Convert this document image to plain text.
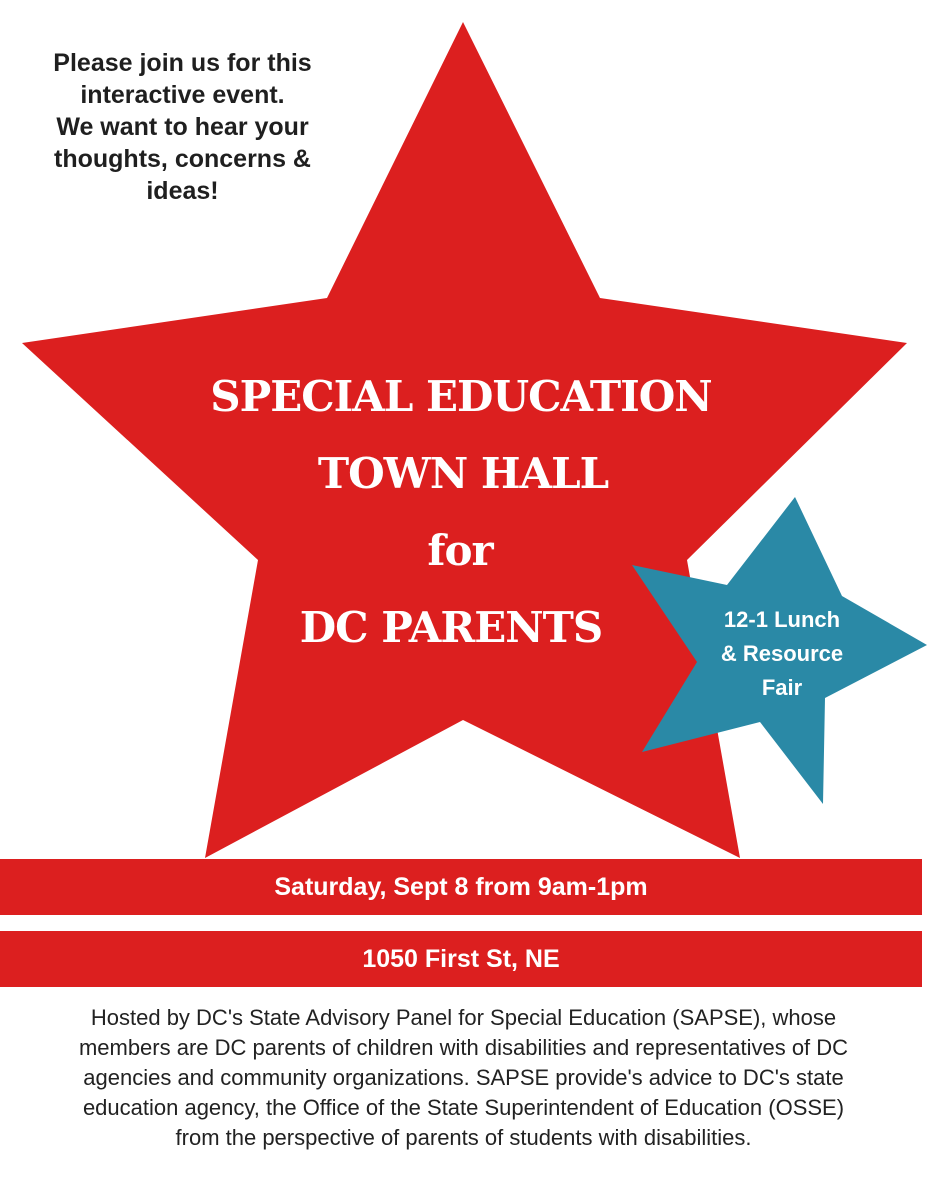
Please join us for this
interactive event.
We want to hear your
thoughts, concerns &
ideas!
SPECIAL EDUCATION
TOWN HALL
for
DC PARENTS	12-1 Lunch
& Resource
Fair
Saturday, Sept 8 from 9am-1pm
1050 First St, NE
Hosted by DC's State Advisory Panel for Special Education (SAPSE), whose
members are DC parents of children with disabilities and representatives of DC
agencies and community organizations. SAPSE provide's advice to DC's state
education agency, the Office of the State Superintendent of Education (OSSE)
from the perspective of parents of students with disabilities.
